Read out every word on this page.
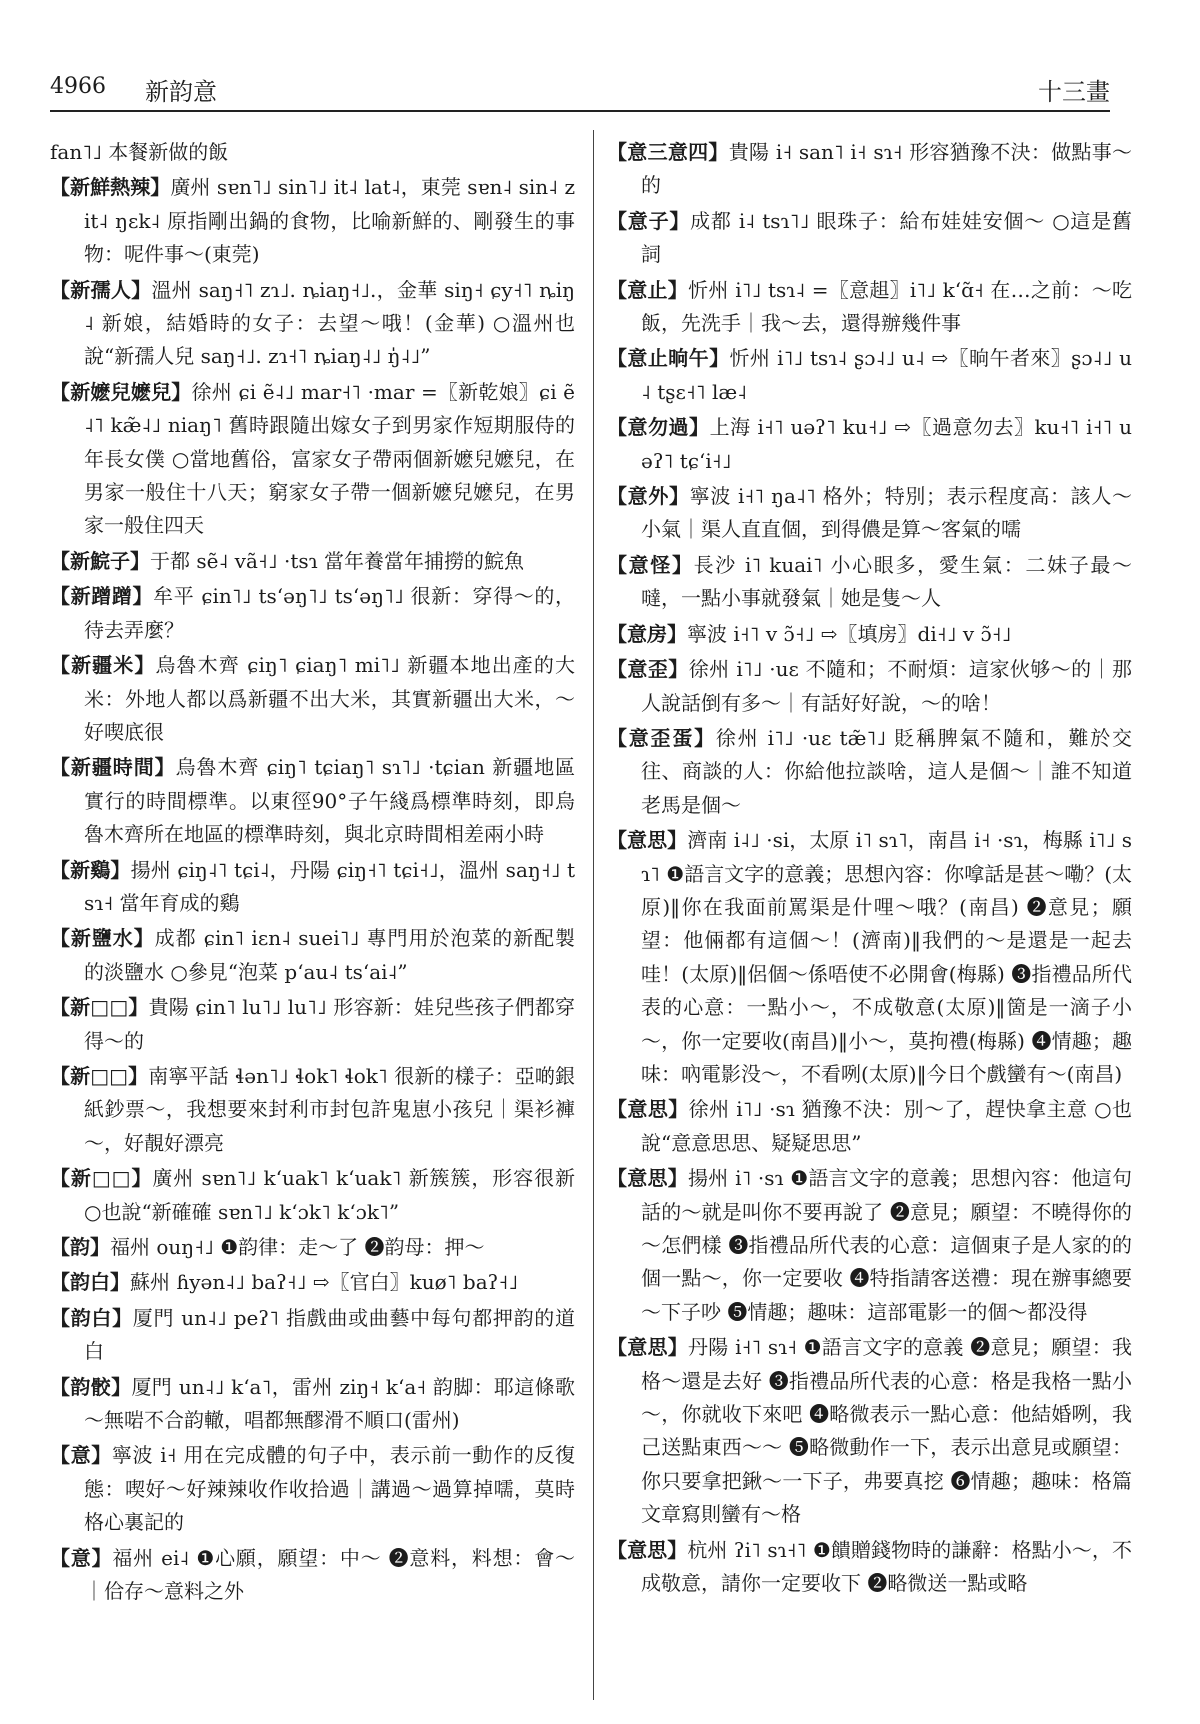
4966 新韵意	十三畫

fan˥˩ 本餐新做的飯

【新鮮熱辣】廣州 sɐn˥˩ sin˥˩ it˨ lat˨，東莞 sɐn˨ sin˨ zit˨ ŋɛk˨ 原指剛出鍋的食物，比喻新鮮的、剛發生的事物：呢件事～(東莞)

【新孺人】溫州 saŋ˧˥ zɿ˩. ȵiaŋ˧˩.，金華 siŋ˧ ɕy˧˥ ȵiŋ˨ 新娘，結婚時的女子：去望～哦！(金華) ○溫州也說“新孺人兒 saŋ˧˩. zɿ˧˥ ȵiaŋ˨˩ ŋ̍˨˩”

【新嬷兒嬷兒】徐州 ɕi ẽ˨˩ mar˧˥ ·mar =〖新乾娘〗ɕi ẽ˨˥ kæ̃˨˩ niaŋ˥ 舊時跟隨出嫁女子到男家作短期服侍的年長女僕 ○當地舊俗，富家女子帶兩個新嬷兒嬷兒，在男家一般住十八天；窮家女子帶一個新嬷兒嬷兒，在男家一般住四天

【新鯇子】于都 sẽ˨ vã˧˩ ·tsɿ 當年養當年捕撈的鯇魚

【新蹭蹭】牟平 ɕin˥˩ tsʻəŋ˥˩ tsʻəŋ˥˩ 很新：穿得～的，待去弄麼？

【新疆米】烏魯木齊 ɕiŋ˥ ɕiaŋ˥ mi˥˩ 新疆本地出產的大米：外地人都以爲新疆不出大米，其實新疆出大米，～好喫底很

【新疆時間】烏魯木齊 ɕiŋ˥ tɕiaŋ˥ sɿ˥˩ ·tɕian 新疆地區實行的時間標準。以東徑90°子午綫爲標準時刻，即烏魯木齊所在地區的標準時刻，與北京時間相差兩小時

【新鷄】揚州 ɕiŋ˨˥ tɕi˨，丹陽 ɕiŋ˧˥ tɕi˧˩，溫州 saŋ˧˩ tsɿ˧ 當年育成的鷄

【新鹽水】成都 ɕin˥ iɛn˨ suei˥˩ 專門用於泡菜的新配製的淡鹽水 ○參見“泡菜 pʻau˨ tsʻai˨”

【新□□】貴陽 ɕin˥ lu˥˩ lu˥˩ 形容新：娃兒些孩子們都穿得～的

【新□□】南寧平話 ɬən˥˩ ɬok˥ ɬok˥ 很新的樣子：亞啲銀紙鈔票～，我想要來封利市封包許鬼崽小孩兒｜渠衫褲～，好靚好漂亮

【新□□】廣州 sɐn˥˩ kʻuak˥ kʻuak˥ 新簇簇，形容很新 ○也說“新確確 sɐn˥˩ kʻɔk˥ kʻɔk˥”

【韵】福州 ouŋ˧˩ ❶韵律：走～了 ❷韵母：押～

【韵白】蘇州 ɦyən˨˩ baʔ˧˩ ⇨〖官白〗kuø˥ baʔ˧˩

【韵白】厦門 un˨˩ peʔ˥ 指戲曲或曲藝中每句都押韵的道白

【韵骹】厦門 un˨˩ kʻa˥，雷州 ziŋ˧ kʻa˧ 韵脚：耶這條歌～無啱不合韵轍，唱都無醪滑不順口(雷州)

【意】寧波 i˧ 用在完成體的句子中，表示前一動作的反復態：喫好～好辣辣收作收拾過｜講過～過算掉嚅，莫時格心裏記的

【意】福州 ei˨ ❶心願，願望：中～ ❷意料，料想：會～｜佮存～意料之外

【意三意四】貴陽 i˧ san˥ i˧ sɿ˧ 形容猶豫不決：做點事～的

【意子】成都 i˨ tsɿ˥˩ 眼珠子：給布娃娃安個～ ○這是舊詞

【意止】忻州 i˥˩ tsɿ˨ =〖意趄〗i˥˩ kʻɑ̃˧ 在…之前：～吃飯，先洗手｜我～去，還得辦幾件事

【意止晌午】忻州 i˥˩ tsɿ˨ ʂɔ˨˩ u˨ ⇨〖晌午者來〗ʂɔ˨˩ u˨ tʂɛ˧˥ læ˨

【意勿過】上海 i˧˥ uəʔ˥ ku˧˩ ⇨〖過意勿去〗ku˧˥ i˧˥ uəʔ˥ tɕʻi˧˩

【意外】寧波 i˧˥ ŋa˨˥ 格外；特別；表示程度高：該人～小氣｜渠人直直個，到得儂是算～客氣的嚅

【意怪】長沙 i˥ kuai˥ 小心眼多，愛生氣：二妹子最～噠，一點小事就發氣｜她是隻～人

【意房】寧波 i˧˥ v ɔ̃˧˩ ⇨〖填房〗di˧˩ v ɔ̃˧˩

【意歪】徐州 i˥˩ ·uɛ 不隨和；不耐煩：這家伙够～的｜那人說話倒有多～｜有話好好說，～的啥！

【意歪蛋】徐州 i˥˩ ·uɛ tæ̃˥˩ 貶稱脾氣不隨和，難於交往、商談的人：你給他拉談啥，這人是個～｜誰不知道老馬是個～

【意思】濟南 i˨˩ ·si，太原 i˥ sɿ˥，南昌 i˧ ·sɿ，梅縣 i˥˩ sɿ˥ ❶語言文字的意義；思想內容：你嗱話是甚～嘞？(太原)‖你在我面前罵渠是什哩～哦？(南昌) ❷意見；願望：他倆都有這個～！(濟南)‖我們的～是還是一起去哇！(太原)‖侶個～係唔使不必開會(梅縣) ❸指禮品所代表的心意：一點小～，不成敬意(太原)‖箇是一滴子小～，你一定要收(南昌)‖小～，莫拘禮(梅縣) ❹情趣；趣味：吶電影没～，不看咧(太原)‖今日个戲蠻有～(南昌)

【意思】徐州 i˥˩ ·sɿ 猶豫不決：別～了，趕快拿主意 ○也說“意意思思、疑疑思思”

【意思】揚州 i˥ ·sɿ ❶語言文字的意義；思想內容：他這句話的～就是叫你不要再說了 ❷意見；願望：不曉得你的～怎們樣 ❸指禮品所代表的心意：這個東子是人家的的個一點～，你一定要收 ❹特指請客送禮：現在辦事總要～下子吵 ❺情趣；趣味：這部電影一的個～都没得

【意思】丹陽 i˧˥ sɿ˧ ❶語言文字的意義 ❷意見；願望：我格～還是去好 ❸指禮品所代表的心意：格是我格一點小～，你就收下來吧 ❹略微表示一點心意：他結婚咧，我己送點東西～～ ❺略微動作一下，表示出意見或願望：你只要拿把鍬～一下子，弗要真挖 ❻情趣；趣味：格篇文章寫則蠻有～格

【意思】杭州 ʔi˥ sɿ˧˥ ❶饋贈錢物時的謙辭：格點小～，不成敬意，請你一定要收下 ❷略微送一點或略
